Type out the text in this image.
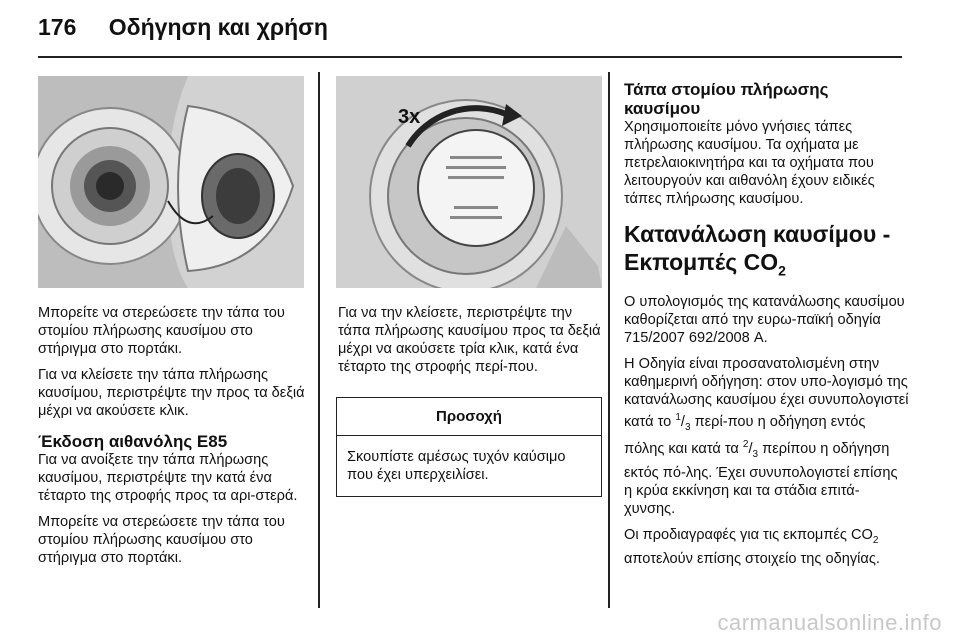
176 Οδήγηση και χρήση

Μπορείτε να στερεώσετε την τάπα του στομίου πλήρωσης καυσίμου στο στήριγμα στο πορτάκι.

Για να κλείσετε την τάπα πλήρωσης καυσίμου, περιστρέψτε την προς τα δεξιά μέχρι να ακούσετε κλικ.

Έκδοση αιθανόλης E85

Για να ανοίξετε την τάπα πλήρωσης καυσίμου, περιστρέψτε την κατά ένα τέταρτο της στροφής προς τα αρι-στερά.

Μπορείτε να στερεώσετε την τάπα του στομίου πλήρωσης καυσίμου στο στήριγμα στο πορτάκι.

3x

Για να την κλείσετε, περιστρέψτε την τάπα πλήρωσης καυσίμου προς τα δεξιά μέχρι να ακούσετε τρία κλικ, κατά ένα τέταρτο της στροφής περί-που.

Προσοχή
Σκουπίστε αμέσως τυχόν καύσιμο που έχει υπερχειλίσει.
Τάπα στομίου πλήρωσης καυσίμου

Χρησιμοποιείτε μόνο γνήσιες τάπες πλήρωσης καυσίμου. Τα οχήματα με πετρελαιοκινητήρα και τα οχήματα που λειτουργούν και αιθανόλη έχουν ειδικές τάπες πλήρωσης καυσίμου.

Κατανάλωση καυσίμου -
Εκπομπές $CO_2$

Ο υπολογισμός της κατανάλωσης καυσίμου καθορίζεται από την ευρω-παϊκή οδηγία 715/2007 692/2008 A.

Η Οδηγία είναι προσανατολισμένη στην καθημερινή οδήγηση: στον υπο-λογισμό της κατανάλωσης καυσίμου έχει συνυπολογιστεί κατά το $^1/_3$ περί-που η οδήγηση εντός πόλης και κατά τα $^2/_3$ περίπου η οδήγηση εκτός πό-λης. Έχει συνυπολογιστεί επίσης η κρύα εκκίνηση και τα στάδια επιτά-χυνσης.

Οι προδιαγραφές για τις εκπομπές $CO_2$ αποτελούν επίσης στοιχείο της οδηγίας.

carmanualsonline.info
